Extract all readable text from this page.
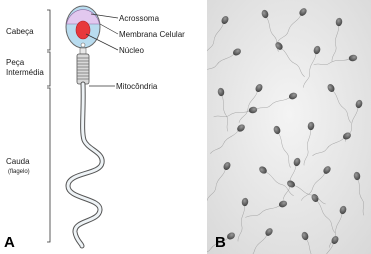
Cabeça
Peça
Intermédia
Cauda
(flagelo)
Acrossoma
Membrana Celular
Núcleo
Mitocôndria
A	B
